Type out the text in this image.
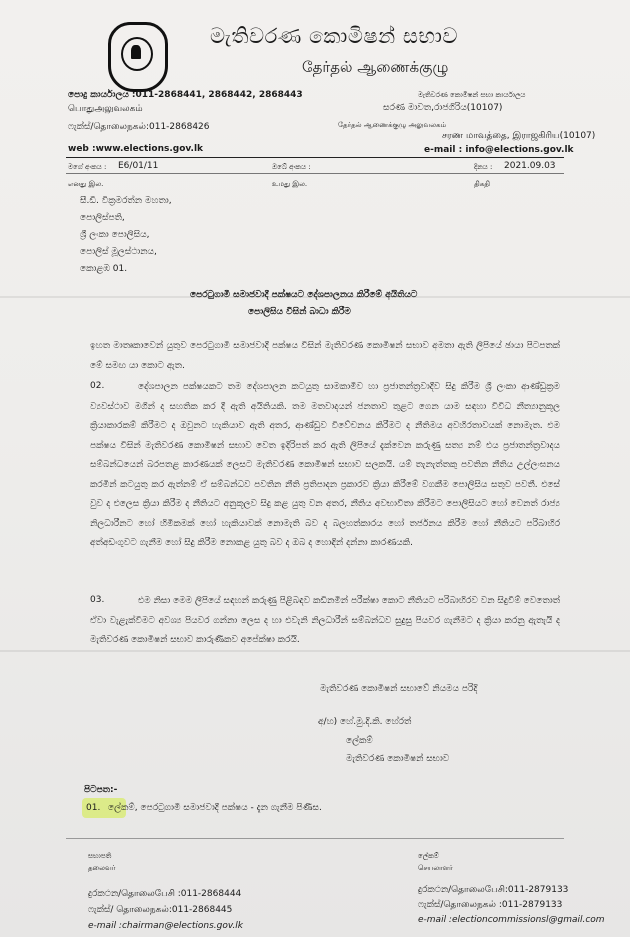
මැතිවරණ කොමිෂන් සභාව
தேர்தல் ஆணைக்குழு
පොදු කාර්යාලය :011-2868441, 2868442, 2868443
பொதுஅலுவலகம்
ෆැක්ස්/தொலைநகல்:011-2868426
web :www.elections.gov.lk
මැතිවරණ කොමිෂන් සභා කාර්යාලය
සරණ මාවත,රාජගිරිය(10107)
தேர்தல் ஆணைக்குழு அலுவலகம்
சரண மாவத்தை, இராஜகிரிய(10107)
e-mail : info@elections.gov.lk
මගේ අංකය : E6/01/11	ඔබේ අංකය :	දිනය : 2021.09.03
எனது இல.	உமது இல.	திகதி
සී.ඩී. වික්‍රමරත්න මහතා,
පොලිස්පති,
ශ්‍රී ලංකා පොලිසිය,
පොලිස් මූලස්ථානය,
කොළඹ 01.
පෙරටුගාමී සමාජවාදී පක්ෂයට දේශපාලනය කිරීමේ අයිතියට
පොලිසිය විසින් බාධා කිරීම
ඉහත මාතෘකාවෙන් යුතුව පෙරටුගාමී සමාජවාදී පක්ෂය විසින් මැතිවරණ කොමිෂන් සභාව අමතා ඇති ලිපියේ ඡායා පිටපතක් මේ සමඟ යා කොට ඇත.
02.	දේශපාලන පක්ෂයකට තම දේශපාලන කටයුතු සාමකාමීව හා ප්‍රජාතන්ත්‍රවාදීව සිදු කිරීම ශ්‍රී ලංකා ආණ්ඩුක්‍රම ව්‍යවස්ථාව මගින් ද සහතික කර දී ඇති අයිතියකි. තම මතවාදයන් ජනතාව තුළට ගෙන යාම සඳහා විවිධ නීත්‍යානුකූල ක්‍රියාකාරකම් කිරීමට ද ඔවුනට හැකියාව ඇති අතර, ආණ්ඩුව විවේචනය කිරීමට ද නීතිමය අවහිරතාවයක් නොමැත. එම පක්ෂය විසින් මැතිවරණ කොමිෂන් සභාව වෙත ඉදිරිපත් කර ඇති ලිපියේ දැක්වෙන කරුණු සත්‍ය නම් එය ප්‍රජාතන්ත්‍රවාදය සම්බන්ධයෙන් බරපතළ කාරණයක් ලෙසට මැතිවරණ කොමිෂන් සභාව සලකයි. යම් තැනැත්තකු පවතින නීතිය උල්ලංඝනය කරමින් කටයුතු කර ඇත්නම් ඒ සම්බන්ධව පවතින නීති ප්‍රතිපාදන ප්‍රකාරව ක්‍රියා කිරීමේ වගකීම පොලිසිය සතුව පවතී. එසේ වුව ද එලෙස ක්‍රියා කිරීම ද නීතියට අනුකූලව සිදු කළ යුතු වන අතර, නීතිය අවභාවිතා කිරීමට පොලිසියට හෝ වෙනත් රාජ්‍ය නිලධාරීනට හෝ හිමිකමක් හෝ හැකියාවක් නොමැති බව ද බලහත්කාරය හෝ තර්ජනය කිරීම හෝ නීතියට පරිබාහිර අත්අඩංගුවට ගැනීම හෝ සිදු කිරීම නොකළ යුතු බව ද ඔබ ද හොඳින් දන්නා කාරණයකි.
03.	එම නිසා මෙම ලිපියේ සඳහන් කරුණු පිළිබඳව කඩිනමින් පරීක්ෂා කොට නීතියට පරිබාහිරව වන සිදුවීම් වෙතොත් ඒවා වැළැක්වීමට අවශ්‍ය පියවර ගන්නා ලෙස ද හා එවැනි නිලධාරීන් සම්බන්ධව සුදුසු පියවර ගැනීමට ද ක්‍රියා කරනු ඇතැයි ද මැතිවරණ කොමිෂන් සභාව කාරුණිකව අපේක්ෂා කරයි.
මැතිවරණ කොමිෂන් සභාවේ නියමය පරිදි
අ/හ) හේ.මු.දි.කි. හේරත්
ලේකම්
මැතිවරණ කොමිෂන් සභාව
පිටපත:-
01. ලේකම්, පෙරටුගාමී සමාජවාදී පක්ෂය - දැන ගැනීම පිණිස.
සභාපති
தலைவர்
දුරකථන/தொலைபேசி :011-2868444
ෆැක්ස්/ தொலைநகல்:011-2868445
e-mail :chairman@elections.gov.lk
ලේකම්
செயலாளர்
දුරකථන/தொலைபேசி:011-2879133
ෆැක්ස්/தொலைநகல் :011-2879133
e-mail :electioncommissionsl@gmail.com
